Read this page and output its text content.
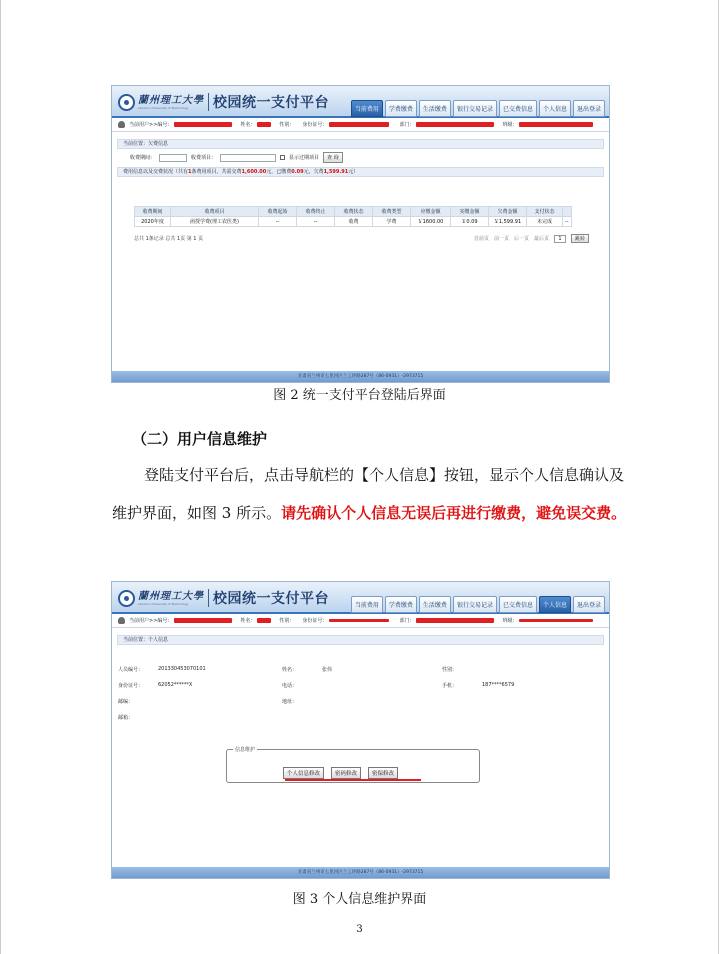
蘭州理工大學
Lanzhou University of Technology	校园统一支付平台	当前费用	学费缴费	生活缴费	银行交易记录	已交费信息	个人信息	退出登录
当前用户>>编号：	姓名：	性别： 身份证号：	部门：	班级：
当前位置：欠费信息
收费期间：	收费项目：	显示过期项目	查 询
费用信息以及交费状况（共有1条费用项目，共需交费1,600.00元，已缴费0.09元，欠费1,599.91元）
收费期间	收费项目	收费起始	收费终止	收费状态	收费类型	应缴金额	实缴金额	欠费金额	支付状态	
2020年度	函授学费(理工农医类)	--	--	收费	学费	￥1600.00	￥0.09	￥1,599.91	未完成	--
总共 1条记录 总共 1页 第 1 页	首前页 前一页 后一页 最后页	1	跳转
甘肃省兰州市七里河区兰工坪路287号（86-0931）-2973715
图 2 统一支付平台登陆后界面
（二）用户信息维护
登陆支付平台后，点击导航栏的【个人信息】按钮，显示个人信息确认及维护界面，如图 3 所示。请先确认个人信息无误后再进行缴费，避免误交费。
蘭州理工大學
Lanzhou University of Technology	校园统一支付平台	当前费用	学费缴费	生活缴费	银行交易记录	已交费信息	个人信息	退出登录
当前用户>>编号：	姓名：	性别： 身份证号：	部门：	班级：
当前位置：个人信息
人员编号：	201330453070101	姓名：	张伟	性别：
身份证号：	62052******X	电话：	手机：	187****6579
邮编：	地址：
邮箱：
信息维护
个人信息修改	密码修改	密保修改
甘肃省兰州市七里河区兰工坪路287号（86-0931）-2973715
图 3 个人信息维护界面
3
